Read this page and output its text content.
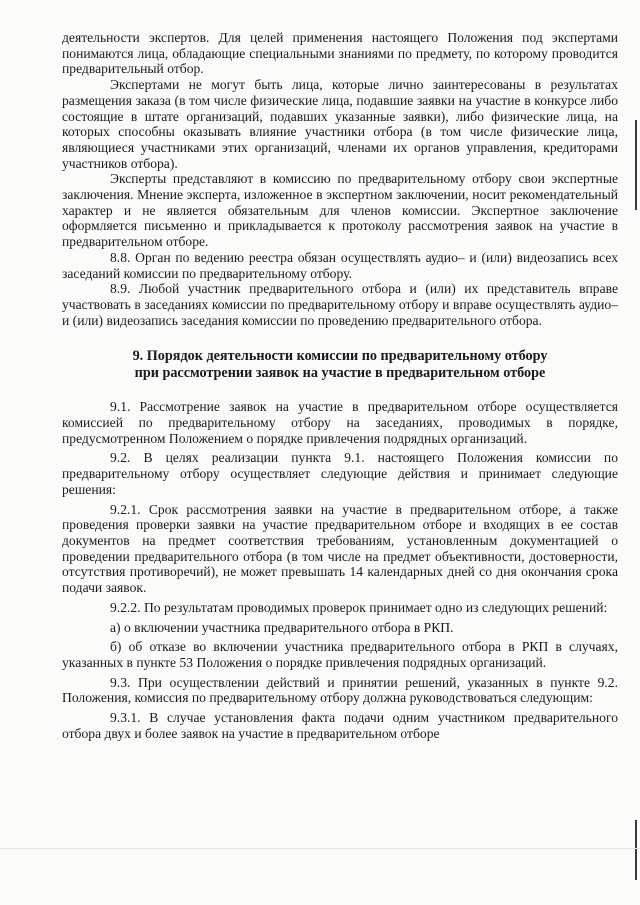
деятельности экспертов. Для целей применения настоящего Положения под экспертами понимаются лица, обладающие специальными знаниями по предмету, по которому проводится предварительный отбор.

Экспертами не могут быть лица, которые лично заинтересованы в результатах размещения заказа (в том числе физические лица, подавшие заявки на участие в конкурсе либо состоящие в штате организаций, подавших указанные заявки), либо физические лица, на которых способны оказывать влияние участники отбора (в том числе физические лица, являющиеся участниками этих организаций, членами их органов управления, кредиторами участников отбора).

Эксперты представляют в комиссию по предварительному отбору свои экспертные заключения. Мнение эксперта, изложенное в экспертном заключении, носит рекомендательный характер и не является обязательным для членов комиссии. Экспертное заключение оформляется письменно и прикладывается к протоколу рассмотрения заявок на участие в предварительном отборе.

8.8. Орган по ведению реестра обязан осуществлять аудио– и (или) видеозапись всех заседаний комиссии по предварительному отбору.

8.9. Любой участник предварительного отбора и (или) их представитель вправе участвовать в заседаниях комиссии по предварительному отбору и вправе осуществлять аудио– и (или) видеозапись заседания комиссии по проведению предварительного отбора.

9. Порядок деятельности комиссии по предварительному отбору
при рассмотрении заявок на участие в предварительном отборе

9.1. Рассмотрение заявок на участие в предварительном отборе осуществляется комиссией по предварительному отбору на заседаниях, проводимых в порядке, предусмотренном Положением о порядке привлечения подрядных организаций.

9.2. В целях реализации пункта 9.1. настоящего Положения комиссии по предварительному отбору осуществляет следующие действия и принимает следующие решения:

9.2.1. Срок рассмотрения заявки на участие в предварительном отборе, а также проведения проверки заявки на участие предварительном отборе и входящих в ее состав документов на предмет соответствия требованиям, установленным документацией о проведении предварительного отбора (в том числе на предмет объективности, достоверности, отсутствия противоречий), не может превышать 14 календарных дней со дня окончания срока подачи заявок.

9.2.2. По результатам проводимых проверок принимает одно из следующих решений:

а) о включении участника предварительного отбора в РКП.

б) об отказе во включении участника предварительного отбора в РКП в случаях, указанных в пункте 53 Положения о порядке привлечения подрядных организаций.

9.3. При осуществлении действий и принятии решений, указанных в пункте 9.2. Положения, комиссия по предварительному отбору должна руководствоваться следующим:

9.3.1. В случае установления факта подачи одним участником предварительного отбора двух и более заявок на участие в предварительном отборе
